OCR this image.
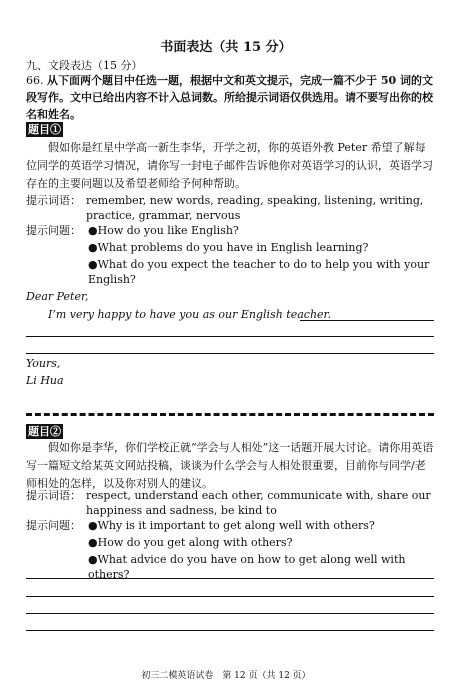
书面表达（共 15 分）
九、文段表达（15 分）
66. 从下面两个题目中任选一题，根据中文和英文提示，完成一篇不少于 50 词的文段写作。文中已给出内容不计入总词数。所给提示词语仅供选用。请不要写出你的校名和姓名。
题目①
假如你是红星中学高一新生李华，开学之初，你的英语外教 Peter 希望了解每位同学的英语学习情况，请你写一封电子邮件告诉他你对英语学习的认识，英语学习存在的主要问题以及希望老师给予何种帮助。
提示词语： remember, new words, reading, speaking, listening, writing, practice, grammar, nervous
提示问题： ●How do you like English?
●What problems do you have in English learning?
●What do you expect the teacher to do to help you with your English?
Dear Peter,
I’m very happy to have you as our English teacher.
Yours,
Li Hua
题目②
假如你是李华，你们学校正就“学会与人相处”这一话题开展大讨论。请你用英语写一篇短文给某英文网站投稿，谈谈为什么学会与人相处很重要，目前你与同学/老师相处的怎样，以及你对别人的建议。
提示词语： respect, understand each other, communicate with, share our happiness and sadness, be kind to
提示问题： ●Why is it important to get along well with others?
●How do you get along with others?
●What advice do you have on how to get along well with others?
初三二模英语试卷　第 12 页（共 12 页）
